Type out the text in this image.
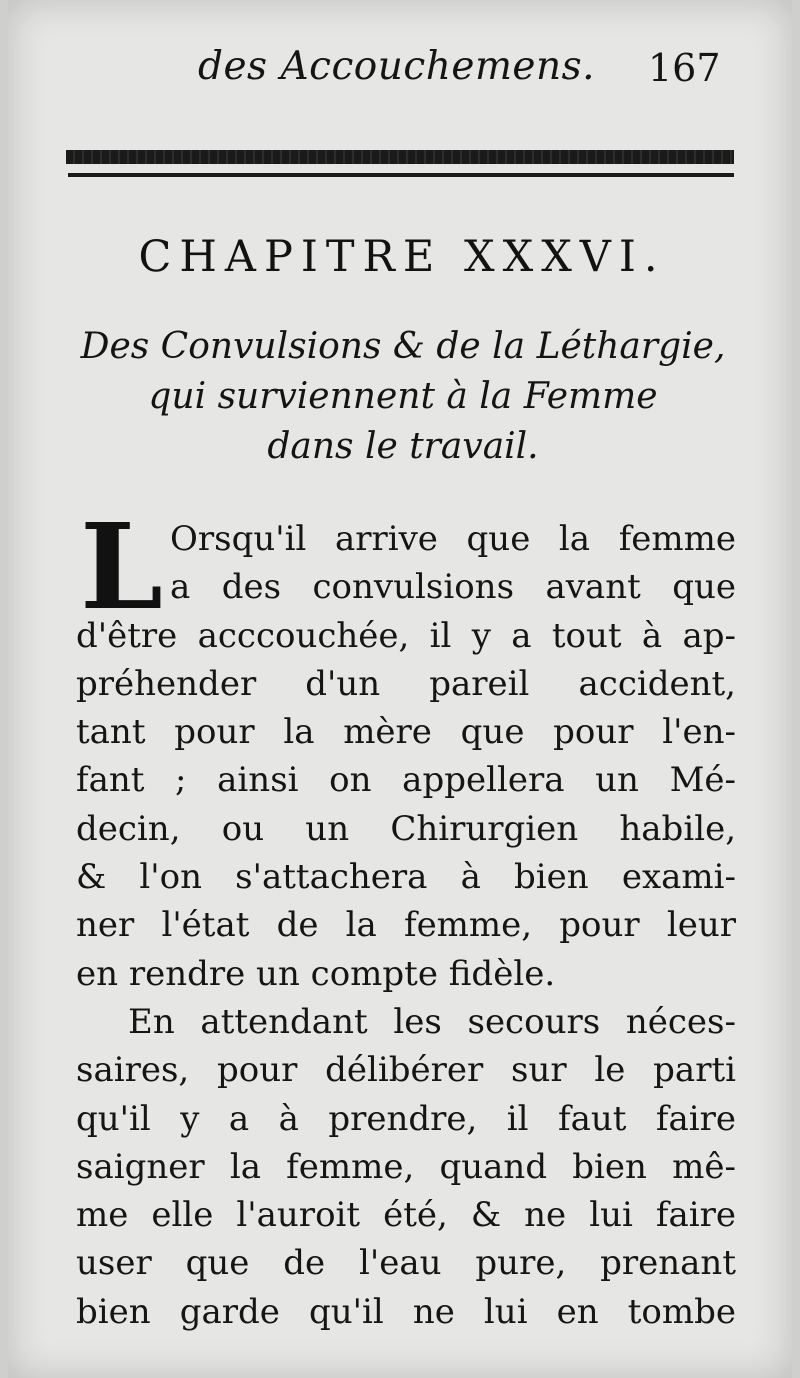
des Accouchemens. 167
CHAPITRE XXXVI.
Des Convulsions & de la Léthargie,
qui surviennent à la Femme
dans le travail.
L Orsqu'il arrive que la femme
a des convulsions avant que
d'être acccouchée, il y a tout à ap-
préhender d'un pareil accident,
tant pour la mère que pour l'en-
fant ; ainsi on appellera un Mé-
decin, ou un Chirurgien habile,
& l'on s'attachera à bien exami-
ner l'état de la femme, pour leur
en rendre un compte fidèle.
En attendant les secours néces-
saires, pour délibérer sur le parti
qu'il y a à prendre, il faut faire
saigner la femme, quand bien mê-
me elle l'auroit été, & ne lui faire
user que de l'eau pure, prenant
bien garde qu'il ne lui en tombe
